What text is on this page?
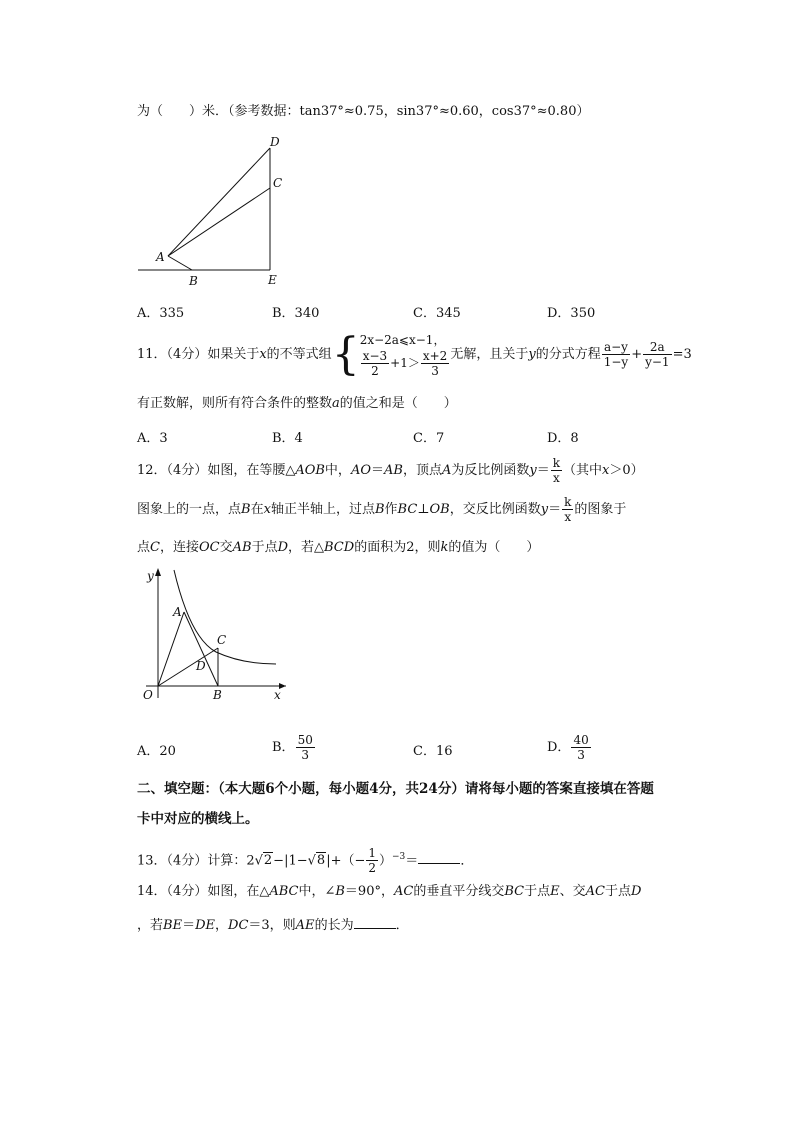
为（　　）米．（参考数据：tan37°≈0.75，sin37°≈0.60，cos37°≈0.80）
D
C
A
B	E
A．335	B．340	C．345	D．350
11．（4分）如果关于x的不等式组{ 2x−2a⩽x−1，
$\frac{x-3}{2} +1> \frac{x+2}{3}$ 无解，且关于y的分式方程 $\frac{a-y}{1-y} + \frac{2a}{y-1} =3$
有正数解，则所有符合条件的整数a的值之和是（　　）
A．3	B．4	C．7	D．8
12．（4分）如图，在等腰△AOB中，AO＝AB，顶点A为反比例函数$y= \frac{k}{x}$ （其中x＞0）
图象上的一点，点B在x轴正半轴上，过点B作BC⊥OB，交反比例函数$y= \frac{k}{x}$ 的图象于
点C，连接OC交AB于点D，若△BCD的面积为2，则k的值为（　　）
y
A
C
D
O	B	x
A．20	B． $\frac{50}{3}$	C．16	D． $\frac{40}{3}$
二、填空题：（本大题6个小题，每小题4分，共24分）请将每小题的答案直接填在答题
卡中对应的横线上。
13．（4分）计算：$2√2-|1-√8|+(- \frac{1}{2} )^{-3}=$	．
14．（4分）如图，在△ABC中，∠B＝90°，AC的垂直平分线交BC于点E、交AC于点D
，若BE＝DE，DC＝3，则AE的长为	．
